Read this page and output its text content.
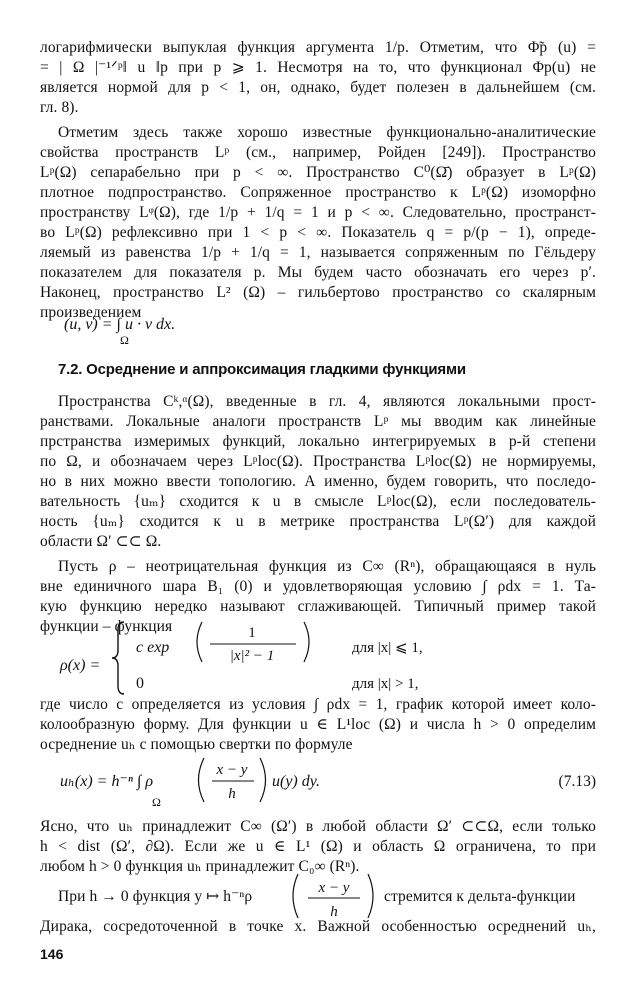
логарифмически выпуклая функция аргумента 1/p. Отметим, что Φ̃p (u) =
= | Ω |⁻¹ᐟᵖ‖ u ‖p при p ⩾ 1. Несмотря на то, что функционал Φp(u) не
является нормой для p < 1, он, однако, будет полезен в дальнейшем (см.
гл. 8).
Отметим здесь также хорошо известные функционально-аналитические
свойства пространств Lᵖ (см., например, Ройден [249]). Пространство
Lᵖ(Ω) сепарабельно при p < ∞. Пространство C⁰(Ω̄) образует в Lᵖ(Ω)
плотное подпространство. Сопряженное пространство к Lᵖ(Ω) изоморфно
пространству Lᵠ(Ω), где 1/p + 1/q = 1 и p < ∞. Следовательно, пространст-
во Lᵖ(Ω) рефлексивно при 1 < p < ∞. Показатель q = p/(p − 1), опреде-
ляемый из равенства 1/p + 1/q = 1, называется сопряженным по Гёльдеру
показателем для показателя p. Мы будем часто обозначать его через p′.
Наконец, пространство L² (Ω) – гильбертово пространство со скалярным
произведением
(u, v) = ∫ u · v dx.
Ω
7.2. Осреднение и аппроксимация гладкими функциями
Пространства Cᵏ,ᵅ(Ω), введенные в гл. 4, являются локальными прост-
ранствами. Локальные аналоги пространств Lᵖ мы вводим как линейные
прстранства измеримых функций, локально интегрируемых в p-й степени
по Ω, и обозначаем через Lᵖloc(Ω). Пространства Lᵖloc(Ω) не нормируемы,
но в них можно ввести топологию. А именно, будем говорить, что последо-
вательность {uₘ} сходится к u в смысле Lᵖloc(Ω), если последователь-
ность {uₘ} сходится к u в метрике пространства Lᵖ(Ω′) для каждой
области Ω′ ⊂⊂ Ω.
Пусть ρ – неотрицательная функция из C∞ (Rⁿ), обращающаяся в нуль
вне единичного шара B₁ (0) и удовлетворяющая условию ∫ ρdx = 1. Та-
кую функцию нередко называют сглаживающей. Типичный пример такой
функции – функция
ρ(x) =
c exp
1
|x|² − 1	для |x| ⩽ 1,
0	для |x| > 1,
где число c определяется из условия ∫ ρdx = 1, график которой имеет коло-
колообразную форму. Для функции u ∈ L¹loc (Ω) и числа h > 0 определим
осреднение uₕ с помощью свертки по формуле
uₕ(x) = h⁻ⁿ ∫ ρ
Ω
x − y
h
u(y) dy.	(7.13)
Ясно, что uₕ принадлежит C∞ (Ω′) в любой области Ω′ ⊂⊂Ω, если только
h < dist (Ω′, ∂Ω). Если же u ∈ L¹ (Ω) и область Ω ограничена, то при
любом h > 0 функция uₕ принадлежит C₀∞ (Rⁿ).
При h → 0 функция y ↦ h⁻ⁿρ	x − y
h
стремится к дельта-функции
Дирака, сосредоточенной в точке x. Важной особенностью осреднений uₕ,
146
